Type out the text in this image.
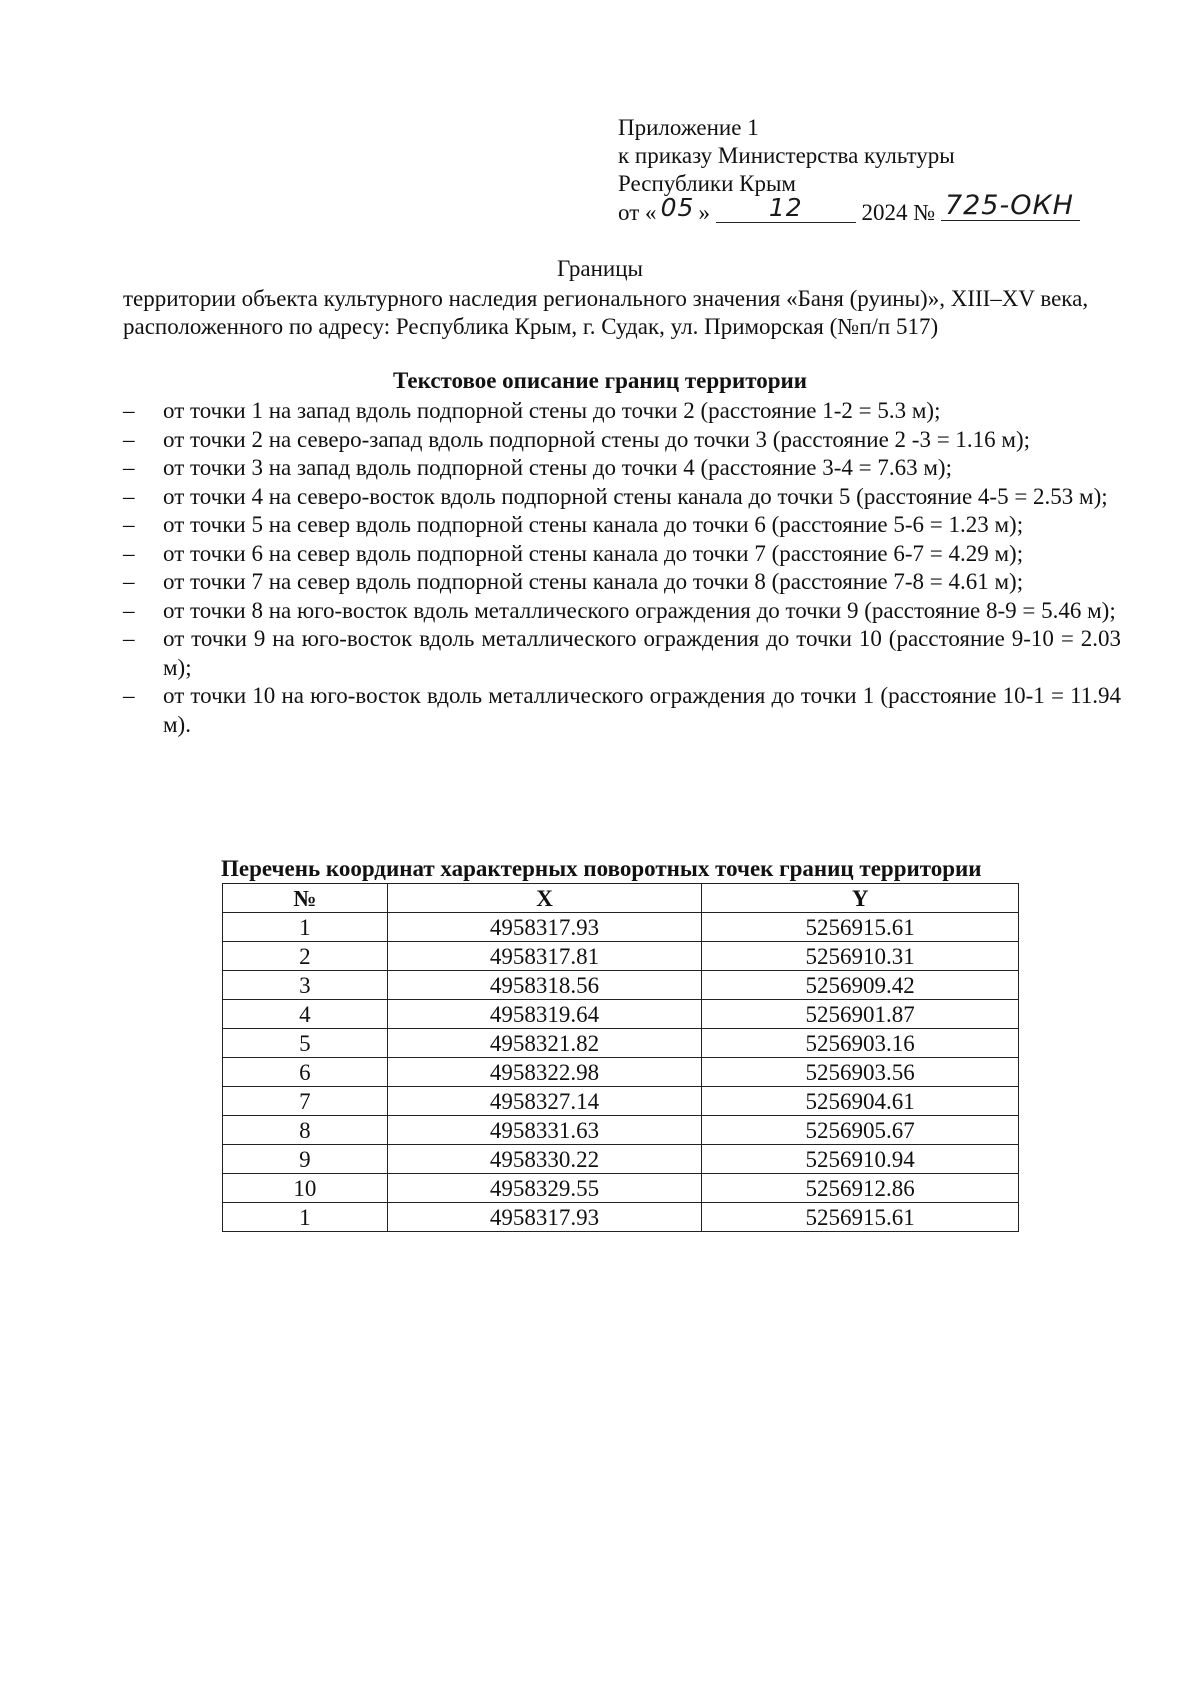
Приложение 1
к приказу Министерства культуры
Республики Крым
от « 05 » 12	2024 № 725-ОКН
Границы
территории объекта культурного наследия регионального значения «Баня (руины)», XIII–XV века, расположенного по адресу: Республика Крым, г. Судак, ул. Приморская (№п/п 517)
Текстовое описание границ территории
– от точки 1 на запад вдоль подпорной стены до точки 2 (расстояние 1-2 = 5.3 м);
– от точки 2 на северо-запад вдоль подпорной стены до точки 3 (расстояние 2 -3 = 1.16 м);
– от точки 3 на запад вдоль подпорной стены до точки 4 (расстояние 3-4 = 7.63 м);
– от точки 4 на северо-восток вдоль подпорной стены канала до точки 5 (расстояние 4-5 = 2.53 м);
– от точки 5 на север вдоль подпорной стены канала до точки 6 (расстояние 5-6 = 1.23 м);
– от точки 6 на север вдоль подпорной стены канала до точки 7 (расстояние 6-7 = 4.29 м);
– от точки 7 на север вдоль подпорной стены канала до точки 8 (расстояние 7-8 = 4.61 м);
– от точки 8 на юго-восток вдоль металлического ограждения до точки 9 (расстояние 8-9 = 5.46 м);
– от точки 9 на юго-восток вдоль металлического ограждения до точки 10 (расстояние 9-10 = 2.03 м);
– от точки 10 на юго-восток вдоль металлического ограждения до точки 1 (расстояние 10-1 = 11.94 м).
Перечень координат характерных поворотных точек границ территории
№	X	Y
1	4958317.93	5256915.61
2	4958317.81	5256910.31
3	4958318.56	5256909.42
4	4958319.64	5256901.87
5	4958321.82	5256903.16
6	4958322.98	5256903.56
7	4958327.14	5256904.61
8	4958331.63	5256905.67
9	4958330.22	5256910.94
10	4958329.55	5256912.86
1	4958317.93	5256915.61
